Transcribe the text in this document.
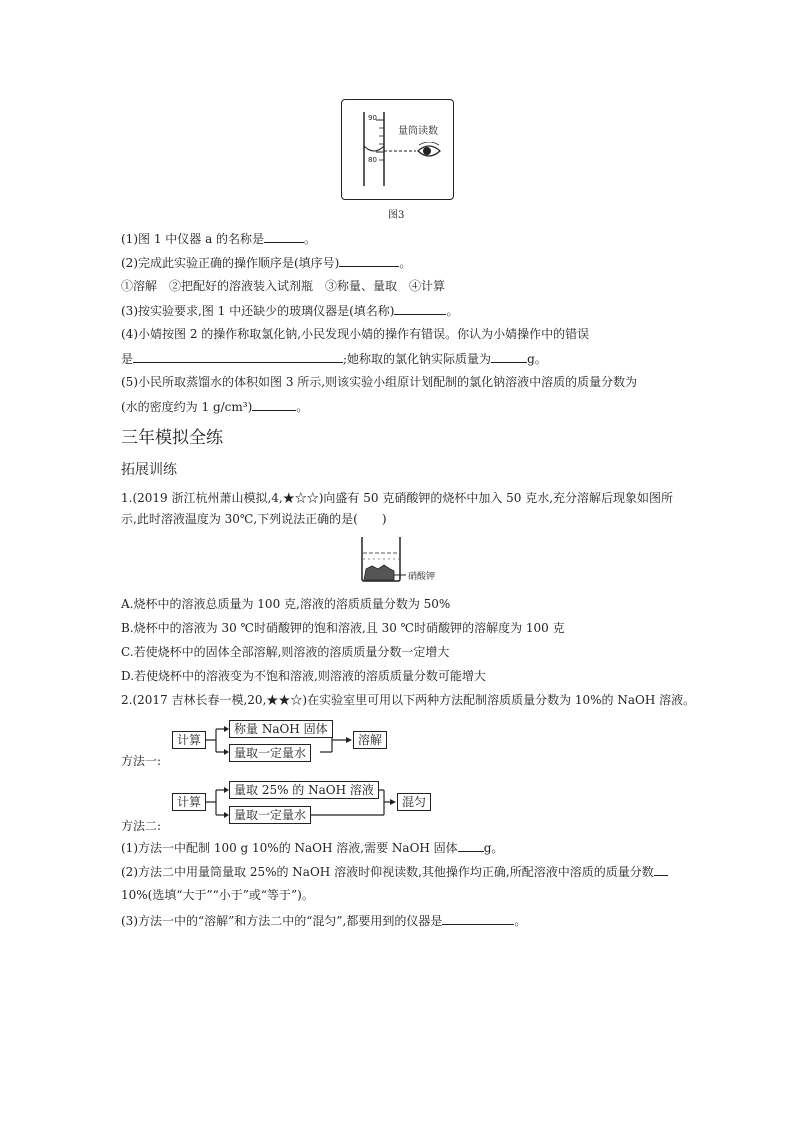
90
80
量筒读数
图3
(1)图 1 中仪器 a 的名称是	。
(2)完成此实验正确的操作顺序是(填序号)	。
①溶解　②把配好的溶液装入试剂瓶　③称量、量取　④计算
(3)按实验要求,图 1 中还缺少的玻璃仪器是(填名称)	。
(4)小婧按图 2 的操作称取氯化钠,小民发现小婧的操作有错误。你认为小婧操作中的错误
是	;她称取的氯化钠实际质量为	g。
(5)小民所取蒸馏水的体积如图 3 所示,则该实验小组原计划配制的氯化钠溶液中溶质的质量分数为
(水的密度约为 1 g/cm³)	。
三年模拟全练
拓展训练
1.(2019 浙江杭州萧山模拟,4,★☆☆)向盛有 50 克硝酸钾的烧杯中加入 50 克水,充分溶解后现象如图所
示,此时溶液温度为 30℃,下列说法正确的是(　　)
硝酸钾
A.烧杯中的溶液总质量为 100 克,溶液的溶质质量分数为 50%
B.烧杯中的溶液为 30 ℃时硝酸钾的饱和溶液,且 30 ℃时硝酸钾的溶解度为 100 克
C.若使烧杯中的固体全部溶解,则溶液的溶质质量分数一定增大
D.若使烧杯中的溶液变为不饱和溶液,则溶液的溶质质量分数可能增大
2.(2017 吉林长春一模,20,★★☆)在实验室里可用以下两种方法配制溶质质量分数为 10%的 NaOH 溶液。
计算
称量 NaOH 固体
量取一定量水
溶解
方法一:
计算
量取 25% 的 NaOH 溶液
量取一定量水
混匀
方法二:
(1)方法一中配制 100 g 10%的 NaOH 溶液,需要 NaOH 固体 g。
(2)方法二中用量筒量取 25%的 NaOH 溶液时仰视读数,其他操作均正确,所配溶液中溶质的质量分数
10%(选填“大于”“小于”或“等于”)。
(3)方法一中的“溶解”和方法二中的“混匀”,都要用到的仪器是	。
